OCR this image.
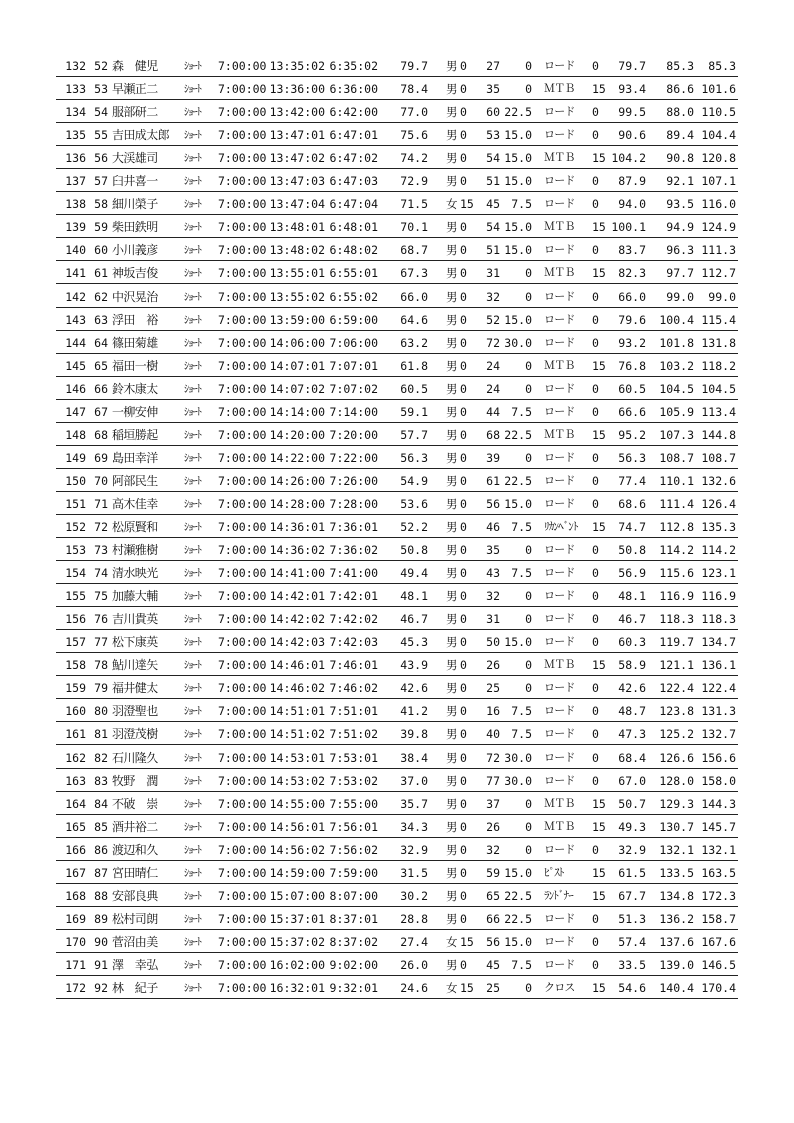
132 52 森　健児	ｼｮｰﾄ	7:00:00 13:35:02 6:35:02	79.7 男 0	27	0 ロード	0	79.7	85.3	85.3
133 53 早瀬正二	ｼｮｰﾄ	7:00:00 13:36:00 6:36:00	78.4 男 0	35	0 ＭＴＢ	15	93.4	86.6 101.6
134 54 服部研二	ｼｮｰﾄ	7:00:00 13:42:00 6:42:00	77.0 男 0	60 22.5 ロード	0	99.5	88.0 110.5
135 55 吉田成太郎	ｼｮｰﾄ	7:00:00 13:47:01 6:47:01	75.6 男 0	53 15.0 ロード	0	90.6	89.4 104.4
136 56 大渓雄司	ｼｮｰﾄ	7:00:00 13:47:02 6:47:02	74.2 男 0	54 15.0 ＭＴＢ	15 104.2	90.8 120.8
137 57 臼井喜一	ｼｮｰﾄ	7:00:00 13:47:03 6:47:03	72.9 男 0	51 15.0 ロード	0	87.9	92.1 107.1
138 58 細川榮子	ｼｮｰﾄ	7:00:00 13:47:04 6:47:04	71.5 女 15 45 7.5 ロード	0	94.0	93.5 116.0
139 59 柴田鉄明	ｼｮｰﾄ	7:00:00 13:48:01 6:48:01	70.1 男 0	54 15.0 ＭＴＢ	15 100.1	94.9 124.9
140 60 小川義彦	ｼｮｰﾄ	7:00:00 13:48:02 6:48:02	68.7 男 0	51 15.0 ロード	0	83.7	96.3 111.3
141 61 神坂吉俊	ｼｮｰﾄ	7:00:00 13:55:01 6:55:01	67.3 男 0	31	0 ＭＴＢ	15	82.3	97.7 112.7
142 62 中沢晃治	ｼｮｰﾄ	7:00:00 13:55:02 6:55:02	66.0 男 0	32	0 ロード	0	66.0	99.0	99.0
143 63 浮田　裕	ｼｮｰﾄ	7:00:00 13:59:00 6:59:00	64.6 男 0	52 15.0 ロード	0	79.6 100.4 115.4
144 64 篠田菊雄	ｼｮｰﾄ	7:00:00 14:06:00 7:06:00	63.2 男 0	72 30.0 ロード	0	93.2 101.8 131.8
145 65 福田一樹	ｼｮｰﾄ	7:00:00 14:07:01 7:07:01	61.8 男 0	24	0 ＭＴＢ	15	76.8 103.2 118.2
146 66 鈴木康太	ｼｮｰﾄ	7:00:00 14:07:02 7:07:02	60.5 男 0	24	0 ロード	0	60.5 104.5 104.5
147 67 一柳安伸	ｼｮｰﾄ	7:00:00 14:14:00 7:14:00	59.1 男 0	44 7.5 ロード	0	66.6 105.9 113.4
148 68 稲垣勝起	ｼｮｰﾄ	7:00:00 14:20:00 7:20:00	57.7 男 0	68 22.5 ＭＴＢ	15	95.2 107.3 144.8
149 69 島田幸洋	ｼｮｰﾄ	7:00:00 14:22:00 7:22:00	56.3 男 0	39	0 ロード	0	56.3 108.7 108.7
150 70 阿部民生	ｼｮｰﾄ	7:00:00 14:26:00 7:26:00	54.9 男 0	61 22.5 ロード	0	77.4 110.1 132.6
151 71 高木佳幸	ｼｮｰﾄ	7:00:00 14:28:00 7:28:00	53.6 男 0	56 15.0 ロード	0	68.6 111.4 126.4
152 72 松原賢和	ｼｮｰﾄ	7:00:00 14:36:01 7:36:01	52.2 男 0	46 7.5 ﾘｶﾝﾍﾞﾝﾄ	15	74.7 112.8 135.3
153 73 村瀬雅樹	ｼｮｰﾄ	7:00:00 14:36:02 7:36:02	50.8 男 0	35	0 ロード	0	50.8 114.2 114.2
154 74 清水映光	ｼｮｰﾄ	7:00:00 14:41:00 7:41:00	49.4 男 0	43 7.5 ロード	0	56.9 115.6 123.1
155 75 加藤大輔	ｼｮｰﾄ	7:00:00 14:42:01 7:42:01	48.1 男 0	32	0 ロード	0	48.1 116.9 116.9
156 76 吉川貴英	ｼｮｰﾄ	7:00:00 14:42:02 7:42:02	46.7 男 0	31	0 ロード	0	46.7 118.3 118.3
157 77 松下康英	ｼｮｰﾄ	7:00:00 14:42:03 7:42:03	45.3 男 0	50 15.0 ロード	0	60.3 119.7 134.7
158 78 鮎川達矢	ｼｮｰﾄ	7:00:00 14:46:01 7:46:01	43.9 男 0	26	0 ＭＴＢ	15	58.9 121.1 136.1
159 79 福井健太	ｼｮｰﾄ	7:00:00 14:46:02 7:46:02	42.6 男 0	25	0 ロード	0	42.6 122.4 122.4
160 80 羽澄聖也	ｼｮｰﾄ	7:00:00 14:51:01 7:51:01	41.2 男 0	16 7.5 ロード	0	48.7 123.8 131.3
161 81 羽澄茂樹	ｼｮｰﾄ	7:00:00 14:51:02 7:51:02	39.8 男 0	40 7.5 ロード	0	47.3 125.2 132.7
162 82 石川隆久	ｼｮｰﾄ	7:00:00 14:53:01 7:53:01	38.4 男 0	72 30.0 ロード	0	68.4 126.6 156.6
163 83 牧野　潤	ｼｮｰﾄ	7:00:00 14:53:02 7:53:02	37.0 男 0	77 30.0 ロード	0	67.0 128.0 158.0
164 84 不破　崇	ｼｮｰﾄ	7:00:00 14:55:00 7:55:00	35.7 男 0	37	0 ＭＴＢ	15	50.7 129.3 144.3
165 85 酒井裕二	ｼｮｰﾄ	7:00:00 14:56:01 7:56:01	34.3 男 0	26	0 ＭＴＢ	15	49.3 130.7 145.7
166 86 渡辺和久	ｼｮｰﾄ	7:00:00 14:56:02 7:56:02	32.9 男 0	32	0 ロード	0	32.9 132.1 132.1
167 87 宮田晴仁	ｼｮｰﾄ	7:00:00 14:59:00 7:59:00	31.5 男 0	59 15.0 ﾋﾟｽﾄ	15	61.5 133.5 163.5
168 88 安部良典	ｼｮｰﾄ	7:00:00 15:07:00 8:07:00	30.2 男 0	65 22.5 ﾗﾝﾄﾞﾅｰ	15	67.7 134.8 172.3
169 89 松村司朗	ｼｮｰﾄ	7:00:00 15:37:01 8:37:01	28.8 男 0	66 22.5 ロード	0	51.3 136.2 158.7
170 90 菅沼由美	ｼｮｰﾄ	7:00:00 15:37:02 8:37:02	27.4 女 15 56 15.0 ロード	0	57.4 137.6 167.6
171 91 澤　幸弘	ｼｮｰﾄ	7:00:00 16:02:00 9:02:00	26.0 男 0	45 7.5 ロード	0	33.5 139.0 146.5
172 92 林　紀子	ｼｮｰﾄ	7:00:00 16:32:01 9:32:01	24.6 女 15 25	0 クロス	15	54.6 140.4 170.4
